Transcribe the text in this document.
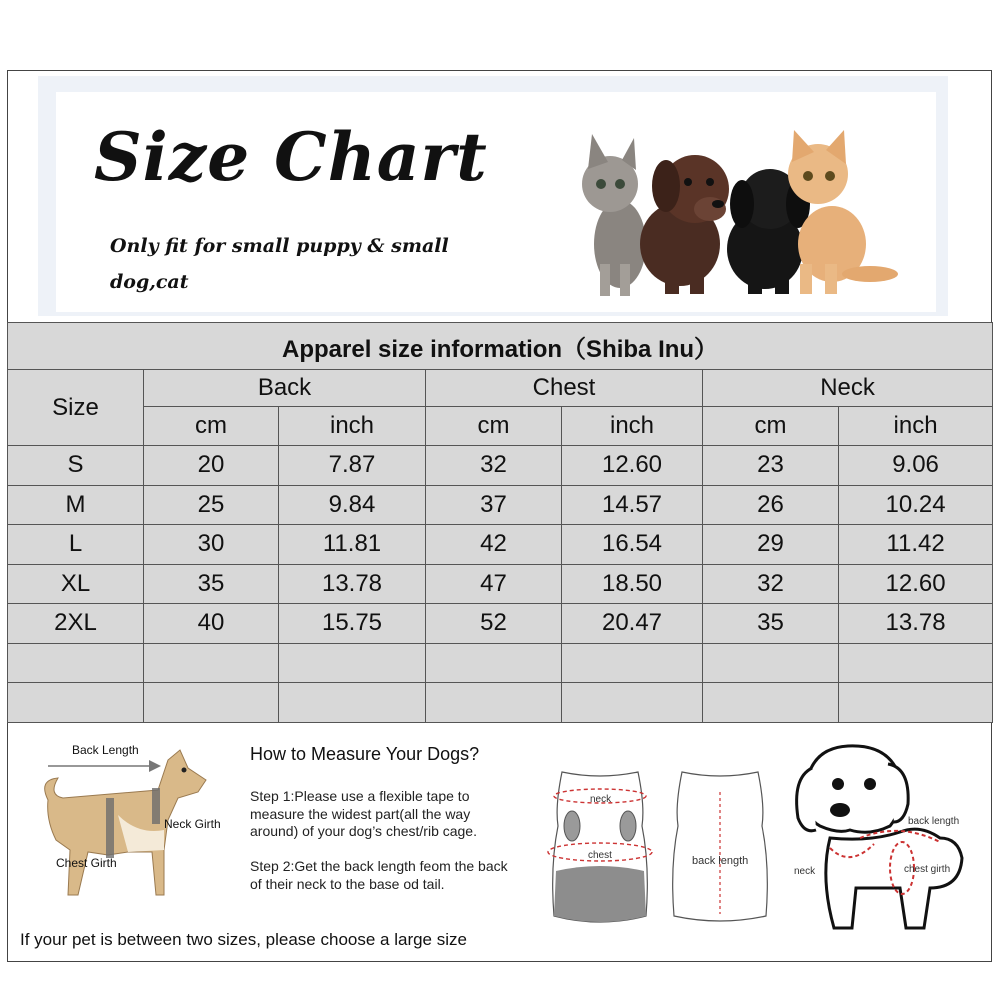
Size Chart
Only fit for small puppy & small dog,cat
Apparel size information（Shiba Inu）						
Size	Back		Chest		Neck	
	cm	inch	cm	inch	cm	inch
S	20	7.87	32	12.60	23	9.06
M	25	9.84	37	14.57	26	10.24
L	30	11.81	42	16.54	29	11.42
XL	35	13.78	47	18.50	32	12.60
2XL	40	15.75	52	20.47	35	13.78

Back Length
Neck Girth
Chest Girth
How to Measure Your Dogs?
Step 1:Please use a flexible tape to measure the widest part(all the way around) of your dog’s chest/rib cage.
Step 2:Get the back length feom the back of their neck to the base od tail.
If your pet is between two sizes, please choose a large size
neck
chest	back length
back length
neck	chest girth
